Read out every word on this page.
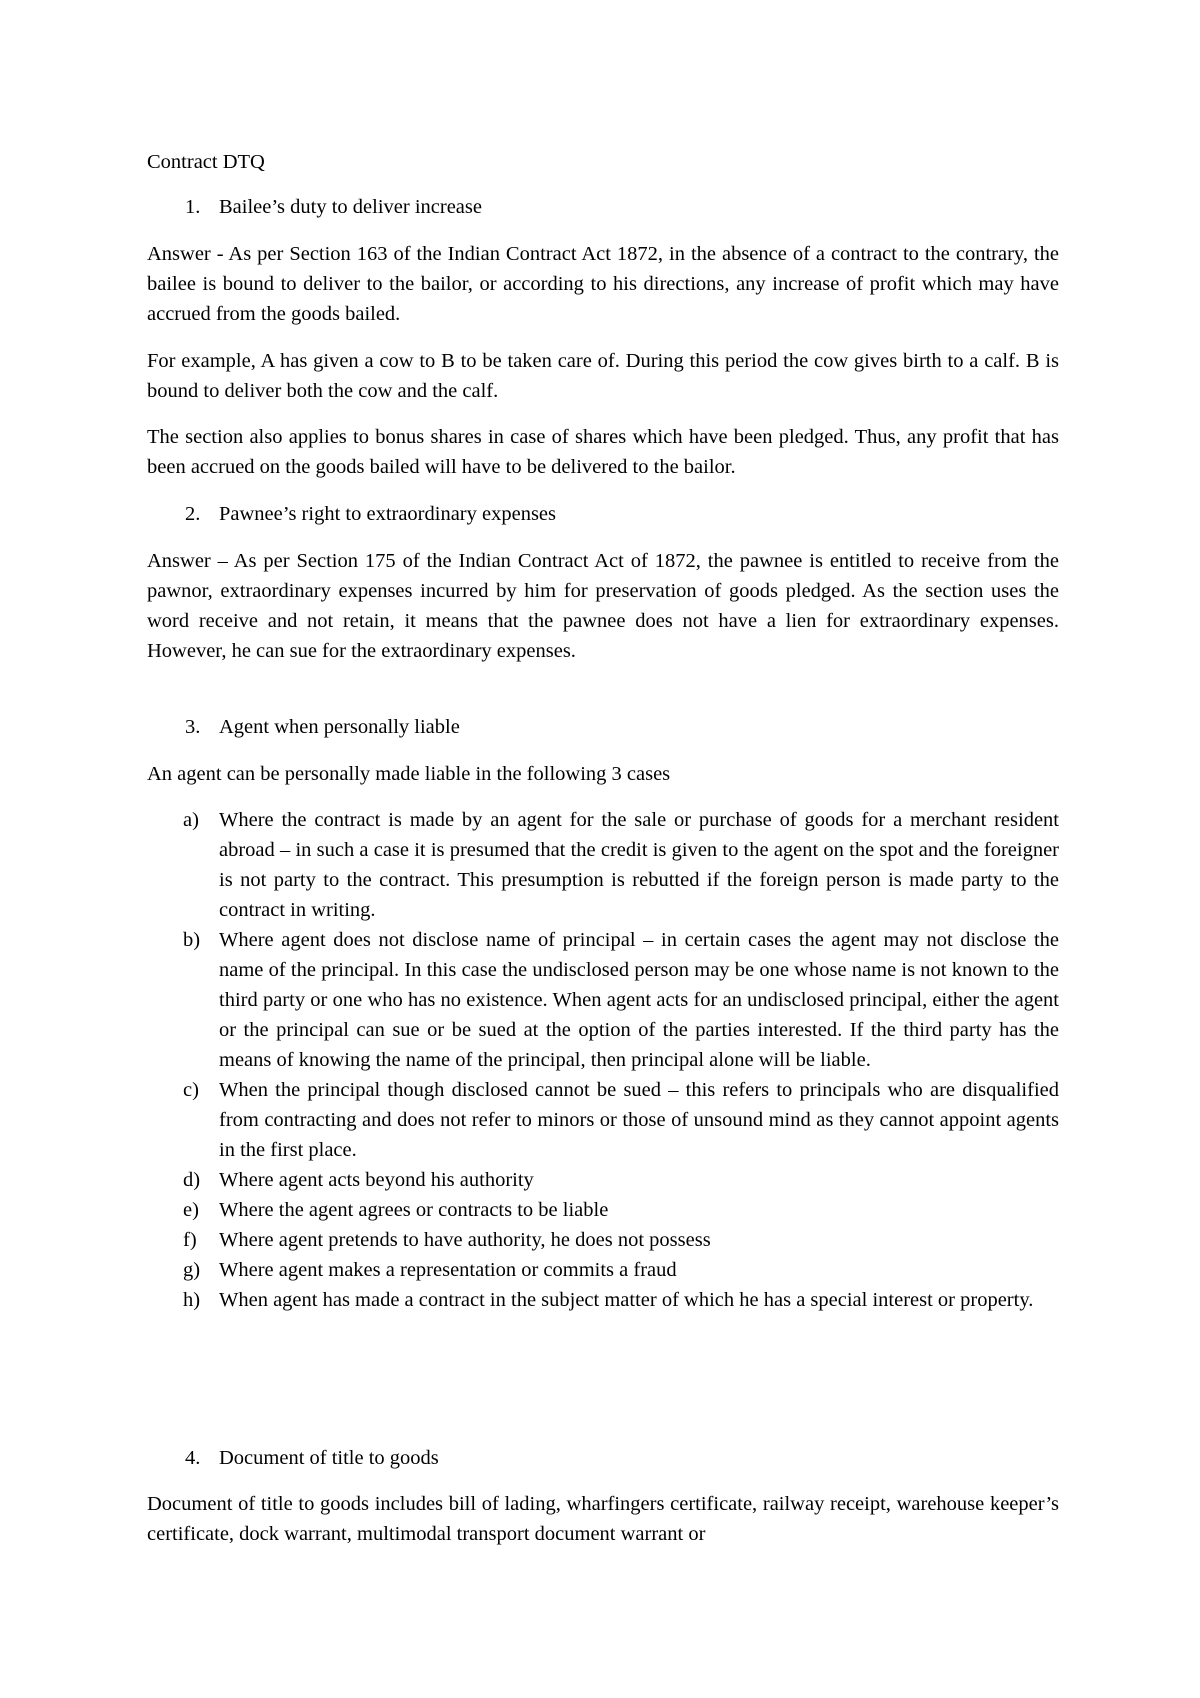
Contract DTQ
1. Bailee’s duty to deliver increase

Answer - As per Section 163 of the Indian Contract Act 1872, in the absence of a contract to the contrary, the bailee is bound to deliver to the bailor, or according to his directions, any increase of profit which may have accrued from the goods bailed.

For example, A has given a cow to B to be taken care of. During this period the cow gives birth to a calf. B is bound to deliver both the cow and the calf.

The section also applies to bonus shares in case of shares which have been pledged. Thus, any profit that has been accrued on the goods bailed will have to be delivered to the bailor.

2. Pawnee’s right to extraordinary expenses

Answer – As per Section 175 of the Indian Contract Act of 1872, the pawnee is entitled to receive from the pawnor, extraordinary expenses incurred by him for preservation of goods pledged. As the section uses the word receive and not retain, it means that the pawnee does not have a lien for extraordinary expenses. However, he can sue for the extraordinary expenses.

3. Agent when personally liable

An agent can be personally made liable in the following 3 cases

a) Where the contract is made by an agent for the sale or purchase of goods for a merchant resident abroad – in such a case it is presumed that the credit is given to the agent on the spot and the foreigner is not party to the contract. This presumption is rebutted if the foreign person is made party to the contract in writing.
b) Where agent does not disclose name of principal – in certain cases the agent may not disclose the name of the principal. In this case the undisclosed person may be one whose name is not known to the third party or one who has no existence. When agent acts for an undisclosed principal, either the agent or the principal can sue or be sued at the option of the parties interested. If the third party has the means of knowing the name of the principal, then principal alone will be liable.
c) When the principal though disclosed cannot be sued – this refers to principals who are disqualified from contracting and does not refer to minors or those of unsound mind as they cannot appoint agents in the first place.
d) Where agent acts beyond his authority
e) Where the agent agrees or contracts to be liable
f)	Where agent pretends to have authority, he does not possess
g) Where agent makes a representation or commits a fraud
h) When agent has made a contract in the subject matter of which he has a special interest or property.
4. Document of title to goods

Document of title to goods includes bill of lading, wharfingers certificate, railway receipt, warehouse keeper’s certificate, dock warrant, multimodal transport document warrant or
